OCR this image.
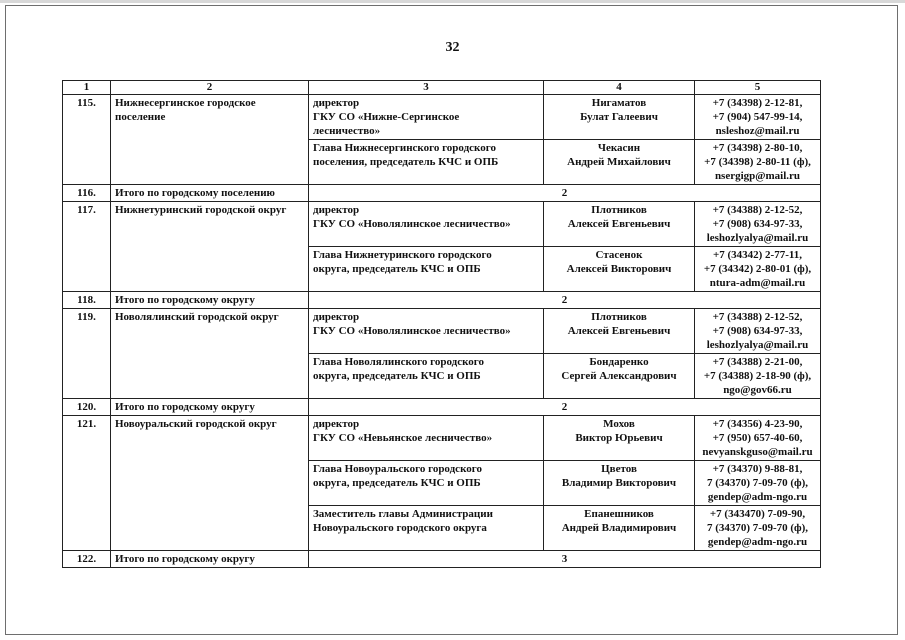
32
1	2	3	4	5
115.	Нижнесергинское городское поселение	директор
ГКУ СО «Нижне-Сергинское
лесничество»	Нигаматов
Булат Галеевич	+7 (34398) 2-12-81,
+7 (904) 547-99-14,
nsleshoz@mail.ru

		Глава Нижнесергинского городского
поселения, председатель КЧС и ОПБ	Чекасин
Андрей Михайлович	+7 (34398) 2-80-10,
+7 (34398) 2-80-11 (ф),
nsergigp@mail.ru

116.	Итого по городскому поселению	2		
117.	Нижнетуринский городской округ	директор
ГКУ СО «Новолялинское лесничество»	Плотников
Алексей Евгеньевич	+7 (34388) 2-12-52,
+7 (908) 634-97-33,
leshozlyalya@mail.ru

		Глава Нижнетуринского городского
округа, председатель КЧС и ОПБ	Стасенок
Алексей Викторович	+7 (34342) 2-77-11,
+7 (34342) 2-80-01 (ф),
ntura-adm@mail.ru

118.	Итого по городскому округу	2		
119.	Новолялинский городской округ	директор
ГКУ СО «Новолялинское лесничество»	Плотников
Алексей Евгеньевич	+7 (34388) 2-12-52,
+7 (908) 634-97-33,
leshozlyalya@mail.ru

		Глава Новолялинского городского
округа, председатель КЧС и ОПБ	Бондаренко
Сергей Александрович	+7 (34388) 2-21-00,
+7 (34388) 2-18-90 (ф),
ngo@gov66.ru

120.	Итого по городскому округу	2		
121.	Новоуральский городской округ	директор
ГКУ СО «Невьянское лесничество»	Мохов
Виктор Юрьевич	+7 (34356) 4-23-90,
+7 (950) 657-40-60,
nevyanskguso@mail.ru

		Глава Новоуральского городского
округа, председатель КЧС и ОПБ	Цветов
Владимир Викторович	+7 (34370) 9-88-81,
7 (34370) 7-09-70 (ф),
gendep@adm-ngo.ru

		Заместитель главы Администрации
Новоуральского городского округа	Епанешников
Андрей Владимирович	+7 (343470) 7-09-90,
7 (34370) 7-09-70 (ф),
gendep@adm-ngo.ru

122.	Итого по городскому округу	3		
